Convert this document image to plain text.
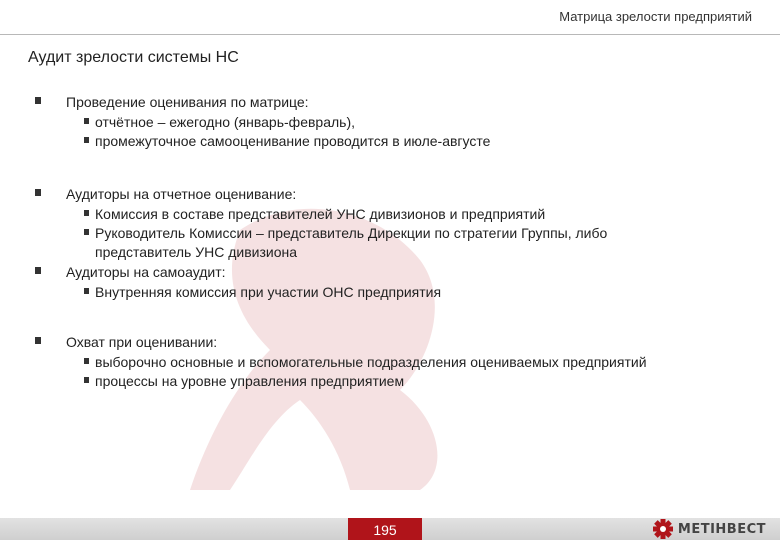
Матрица зрелости предприятий
Аудит зрелости системы НС
Проведение оценивания по матрице:
отчётное – ежегодно (январь-февраль),
промежуточное самооценивание проводится в июле-августе
Аудиторы на отчетное оценивание:
Комиссия в составе представителей УНС дивизионов и предприятий
Руководитель Комиссии – представитель Дирекции по стратегии Группы, либо
представитель УНС дивизиона
Аудиторы на самоаудит:
Внутренняя комиссия при участии ОНС предприятия
Охват при оценивании:
выборочно основные и вспомогательные подразделения оцениваемых предприятий
процессы на уровне управления предприятием
195	МЕТІНВЕСТ
